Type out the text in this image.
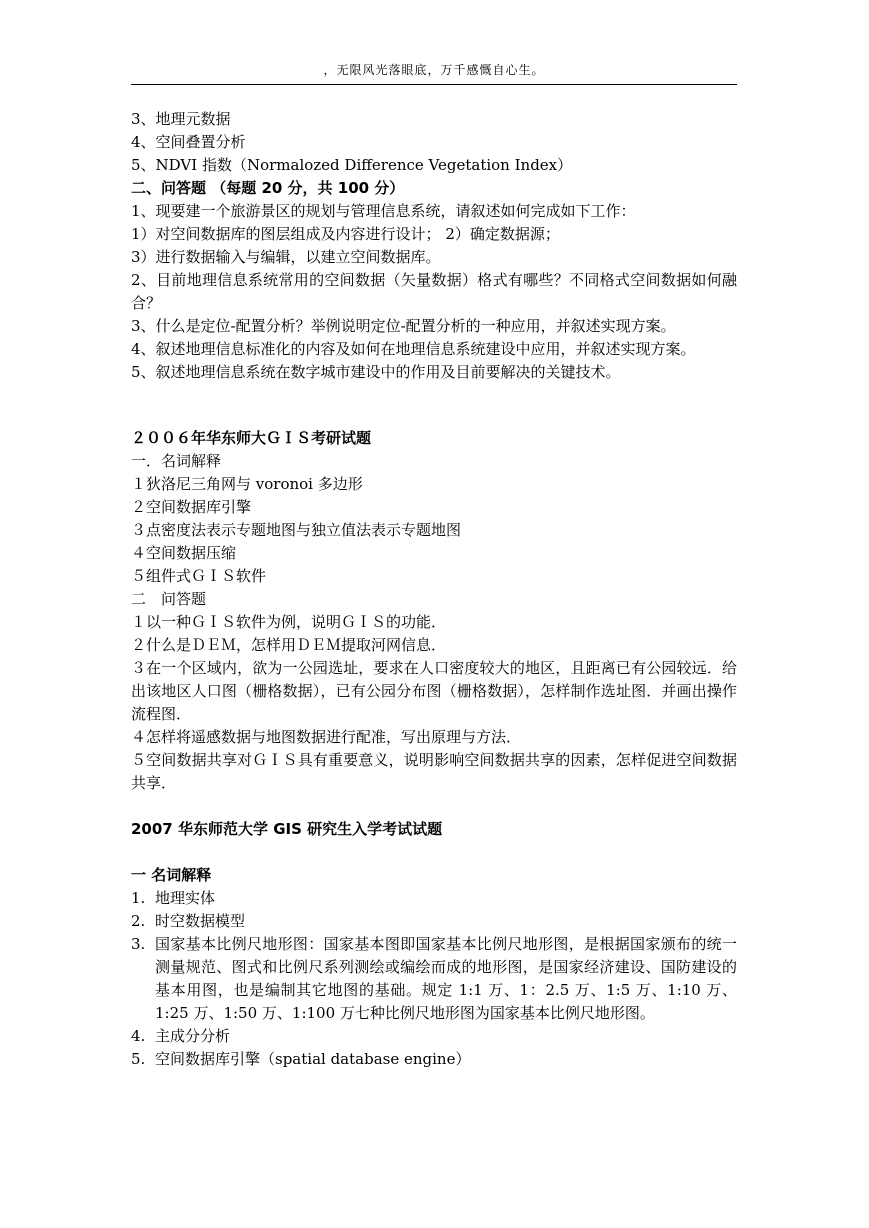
，无限风光落眼底，万千感慨自心生。
3、地理元数据
4、空间叠置分析
5、NDVI 指数（Normalozed Difference Vegetation Index）
二、问答题 （每题 20 分，共 100 分）
1、现要建一个旅游景区的规划与管理信息系统，请叙述如何完成如下工作：
1）对空间数据库的图层组成及内容进行设计； 2）确定数据源；
3）进行数据输入与编辑，以建立空间数据库。
2、目前地理信息系统常用的空间数据（矢量数据）格式有哪些？不同格式空间数据如何融合？
3、什么是定位-配置分析？举例说明定位-配置分析的一种应用，并叙述实现方案。
4、叙述地理信息标准化的内容及如何在地理信息系统建设中应用，并叙述实现方案。
5、叙述地理信息系统在数字城市建设中的作用及目前要解决的关键技术。
２００６年华东师大ＧＩＳ考研试题
一．名词解释
１狄洛尼三角网与 voronoi 多边形
２空间数据库引擎
３点密度法表示专题地图与独立值法表示专题地图
４空间数据压缩
５组件式ＧＩＳ软件
二　问答题
１以一种ＧＩＳ软件为例，说明ＧＩＳ的功能．
２什么是ＤＥＭ，怎样用ＤＥＭ提取河网信息．
３在一个区域内，欲为一公园选址，要求在人口密度较大的地区，且距离已有公园较远．给出该地区人口图（栅格数据），已有公园分布图（栅格数据），怎样制作选址图．并画出操作流程图．
４怎样将遥感数据与地图数据进行配准，写出原理与方法．
５空间数据共享对ＧＩＳ具有重要意义，说明影响空间数据共享的因素，怎样促进空间数据共享．
2007 华东师范大学 GIS 研究生入学考试试题
一 名词解释
1. 地理实体
2. 时空数据模型
3. 国家基本比例尺地形图：国家基本图即国家基本比例尺地形图，是根据国家颁布的统一测量规范、图式和比例尺系列测绘或编绘而成的地形图，是国家经济建设、国防建设的基本用图，也是编制其它地图的基础。规定 1:1 万、1：2.5 万、1:5 万、1:10 万、1:25 万、1:50 万、1:100 万七种比例尺地形图为国家基本比例尺地形图。
4. 主成分分析
5. 空间数据库引擎（spatial database engine）
